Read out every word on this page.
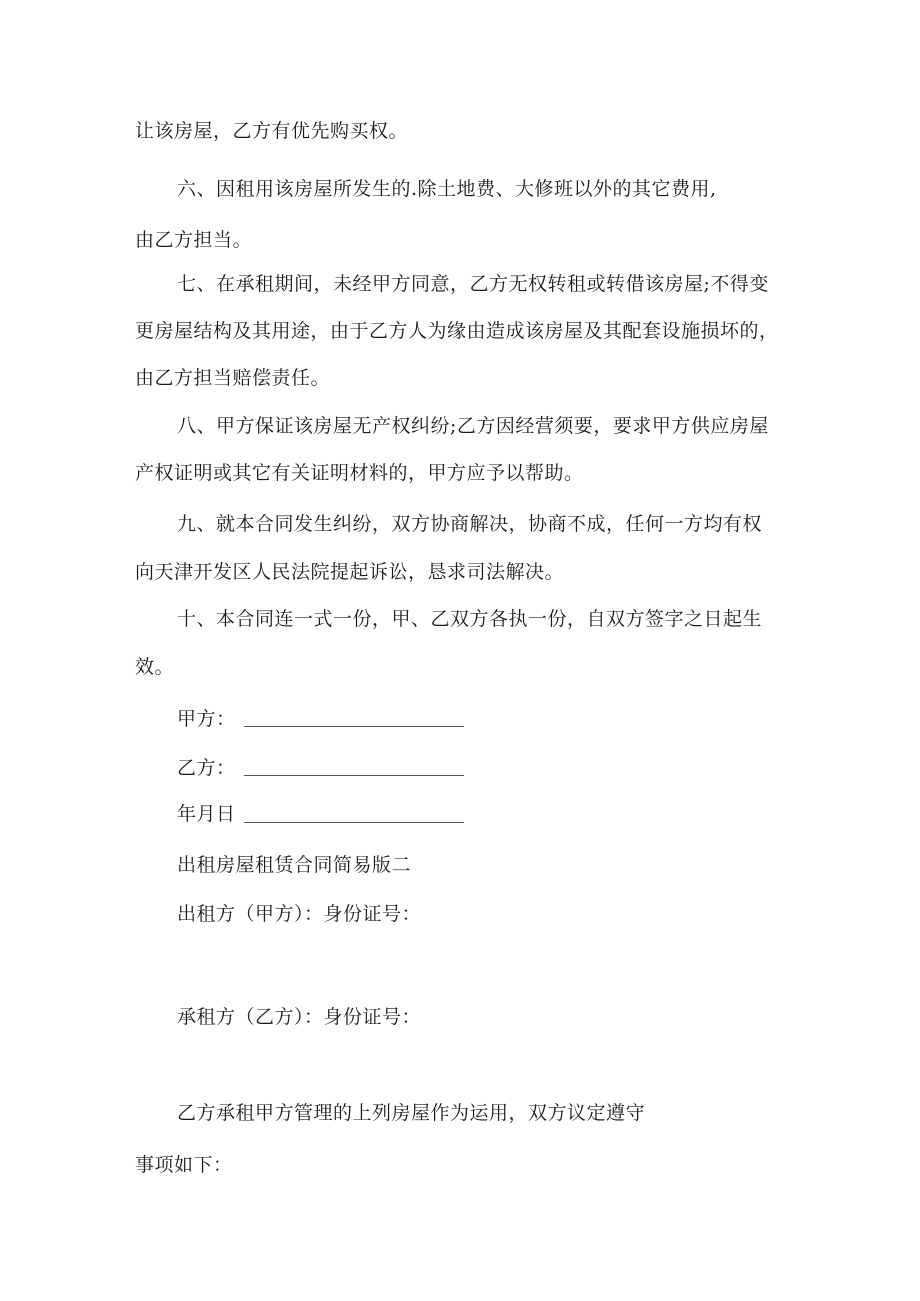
让该房屋，乙方有优先购买权。
六、因租用该房屋所发生的.除土地费、大修班以外的其它费用,
由乙方担当。
七、在承租期间，未经甲方同意，乙方无权转租或转借该房屋;不得变
更房屋结构及其用途，由于乙方人为缘由造成该房屋及其配套设施损坏的，
由乙方担当赔偿责任。
八、甲方保证该房屋无产权纠纷;乙方因经营须要，要求甲方供应房屋
产权证明或其它有关证明材料的，甲方应予以帮助。
九、就本合同发生纠纷，双方协商解决，协商不成，任何一方均有权
向天津开发区人民法院提起诉讼，恳求司法解决。
十、本合同连一式一份，甲、乙双方各执一份，自双方签字之日起生
效。
甲方：
乙方：
年月日
出租房屋租赁合同简易版二
出租方（甲方）：身份证号：
承租方（乙方）：身份证号：
乙方承租甲方管理的上列房屋作为运用，双方议定遵守
事项如下：
